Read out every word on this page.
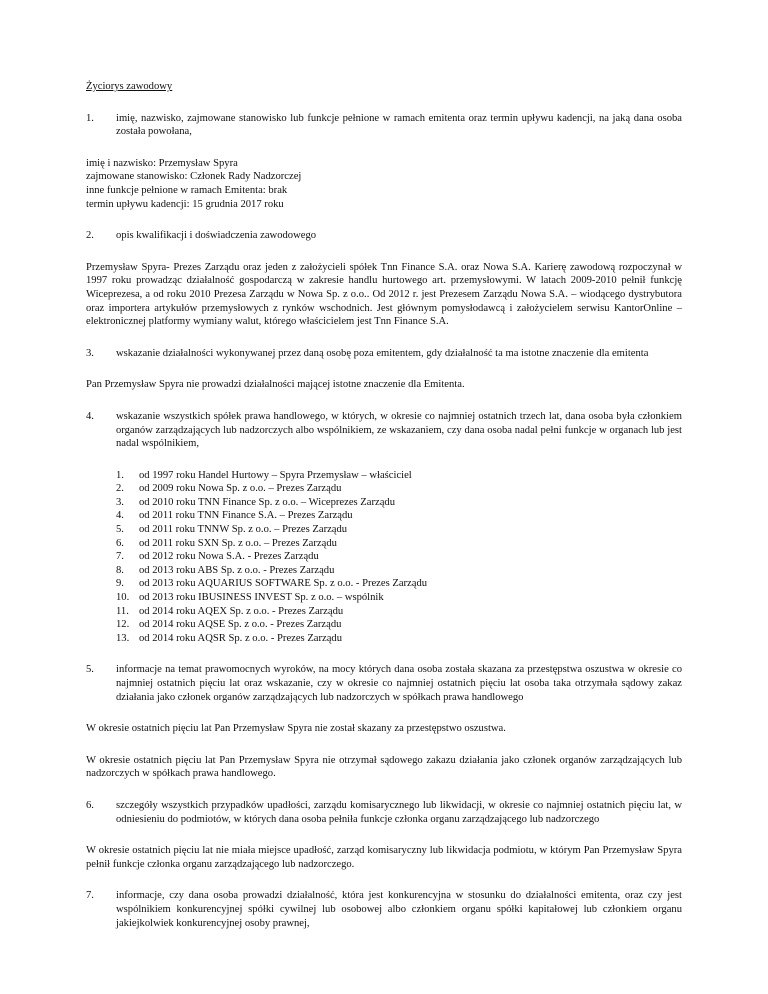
Życiorys zawodowy
1. imię, nazwisko, zajmowane stanowisko lub funkcje pełnione w ramach emitenta oraz termin upływu kadencji, na jaką dana osoba została powołana,
imię i nazwisko: Przemysław Spyra
zajmowane stanowisko: Członek Rady Nadzorczej
inne funkcje pełnione w ramach Emitenta: brak
termin upływu kadencji: 15 grudnia 2017 roku
2. opis kwalifikacji i doświadczenia zawodowego
Przemysław Spyra- Prezes Zarządu oraz jeden z założycieli spółek Tnn Finance S.A. oraz Nowa S.A. Karierę zawodową rozpoczynał w 1997 roku prowadząc działalność gospodarczą w zakresie handlu hurtowego art. przemysłowymi. W latach 2009-2010 pełnił funkcję Wiceprezesa, a od roku 2010 Prezesa Zarządu w Nowa Sp. z o.o.. Od 2012 r. jest Prezesem Zarządu Nowa S.A. – wiodącego dystrybutora oraz importera artykułów przemysłowych z rynków wschodnich. Jest głównym pomysłodawcą i założycielem serwisu KantorOnline – elektronicznej platformy wymiany walut, którego właścicielem jest Tnn Finance S.A.
3. wskazanie działalności wykonywanej przez daną osobę poza emitentem, gdy działalność ta ma istotne znaczenie dla emitenta
Pan Przemysław Spyra nie prowadzi działalności mającej istotne znaczenie dla Emitenta.
4. wskazanie wszystkich spółek prawa handlowego, w których, w okresie co najmniej ostatnich trzech lat, dana osoba była członkiem organów zarządzających lub nadzorczych albo wspólnikiem, ze wskazaniem, czy dana osoba nadal pełni funkcje w organach lub jest nadal wspólnikiem,
1. od 1997 roku Handel Hurtowy – Spyra Przemysław – właściciel
2. od 2009 roku Nowa Sp. z o.o. – Prezes Zarządu
3. od 2010 roku TNN Finance Sp. z o.o. – Wiceprezes Zarządu
4. od 2011 roku TNN Finance S.A. – Prezes Zarządu
5. od 2011 roku TNNW Sp. z o.o. – Prezes Zarządu
6. od 2011 roku SXN Sp. z o.o. – Prezes Zarządu
7. od 2012 roku Nowa S.A. - Prezes Zarządu
8. od 2013 roku ABS Sp. z o.o. - Prezes Zarządu
9. od 2013 roku AQUARIUS SOFTWARE Sp. z o.o. - Prezes Zarządu
10. od 2013 roku IBUSINESS INVEST Sp. z o.o. – wspólnik
11. od 2014 roku AQEX Sp. z o.o. - Prezes Zarządu
12. od 2014 roku AQSE Sp. z o.o. - Prezes Zarządu
13. od 2014 roku AQSR Sp. z o.o. - Prezes Zarządu
5. informacje na temat prawomocnych wyroków, na mocy których dana osoba została skazana za przestępstwa oszustwa w okresie co najmniej ostatnich pięciu lat oraz wskazanie, czy w okresie co najmniej ostatnich pięciu lat osoba taka otrzymała sądowy zakaz działania jako członek organów zarządzających lub nadzorczych w spółkach prawa handlowego
W okresie ostatnich pięciu lat Pan Przemysław Spyra nie został skazany za przestępstwo oszustwa.
W okresie ostatnich pięciu lat Pan Przemysław Spyra nie otrzymał sądowego zakazu działania jako członek organów zarządzających lub nadzorczych w spółkach prawa handlowego.
6. szczegóły wszystkich przypadków upadłości, zarządu komisarycznego lub likwidacji, w okresie co najmniej ostatnich pięciu lat, w odniesieniu do podmiotów, w których dana osoba pełniła funkcje członka organu zarządzającego lub nadzorczego
W okresie ostatnich pięciu lat nie miała miejsce upadłość, zarząd komisaryczny lub likwidacja podmiotu, w którym Pan Przemysław Spyra pełnił funkcje członka organu zarządzającego lub nadzorczego.
7. informacje, czy dana osoba prowadzi działalność, która jest konkurencyjna w stosunku do działalności emitenta, oraz czy jest wspólnikiem konkurencyjnej spółki cywilnej lub osobowej albo członkiem organu spółki kapitałowej lub członkiem organu jakiejkolwiek konkurencyjnej osoby prawnej,
